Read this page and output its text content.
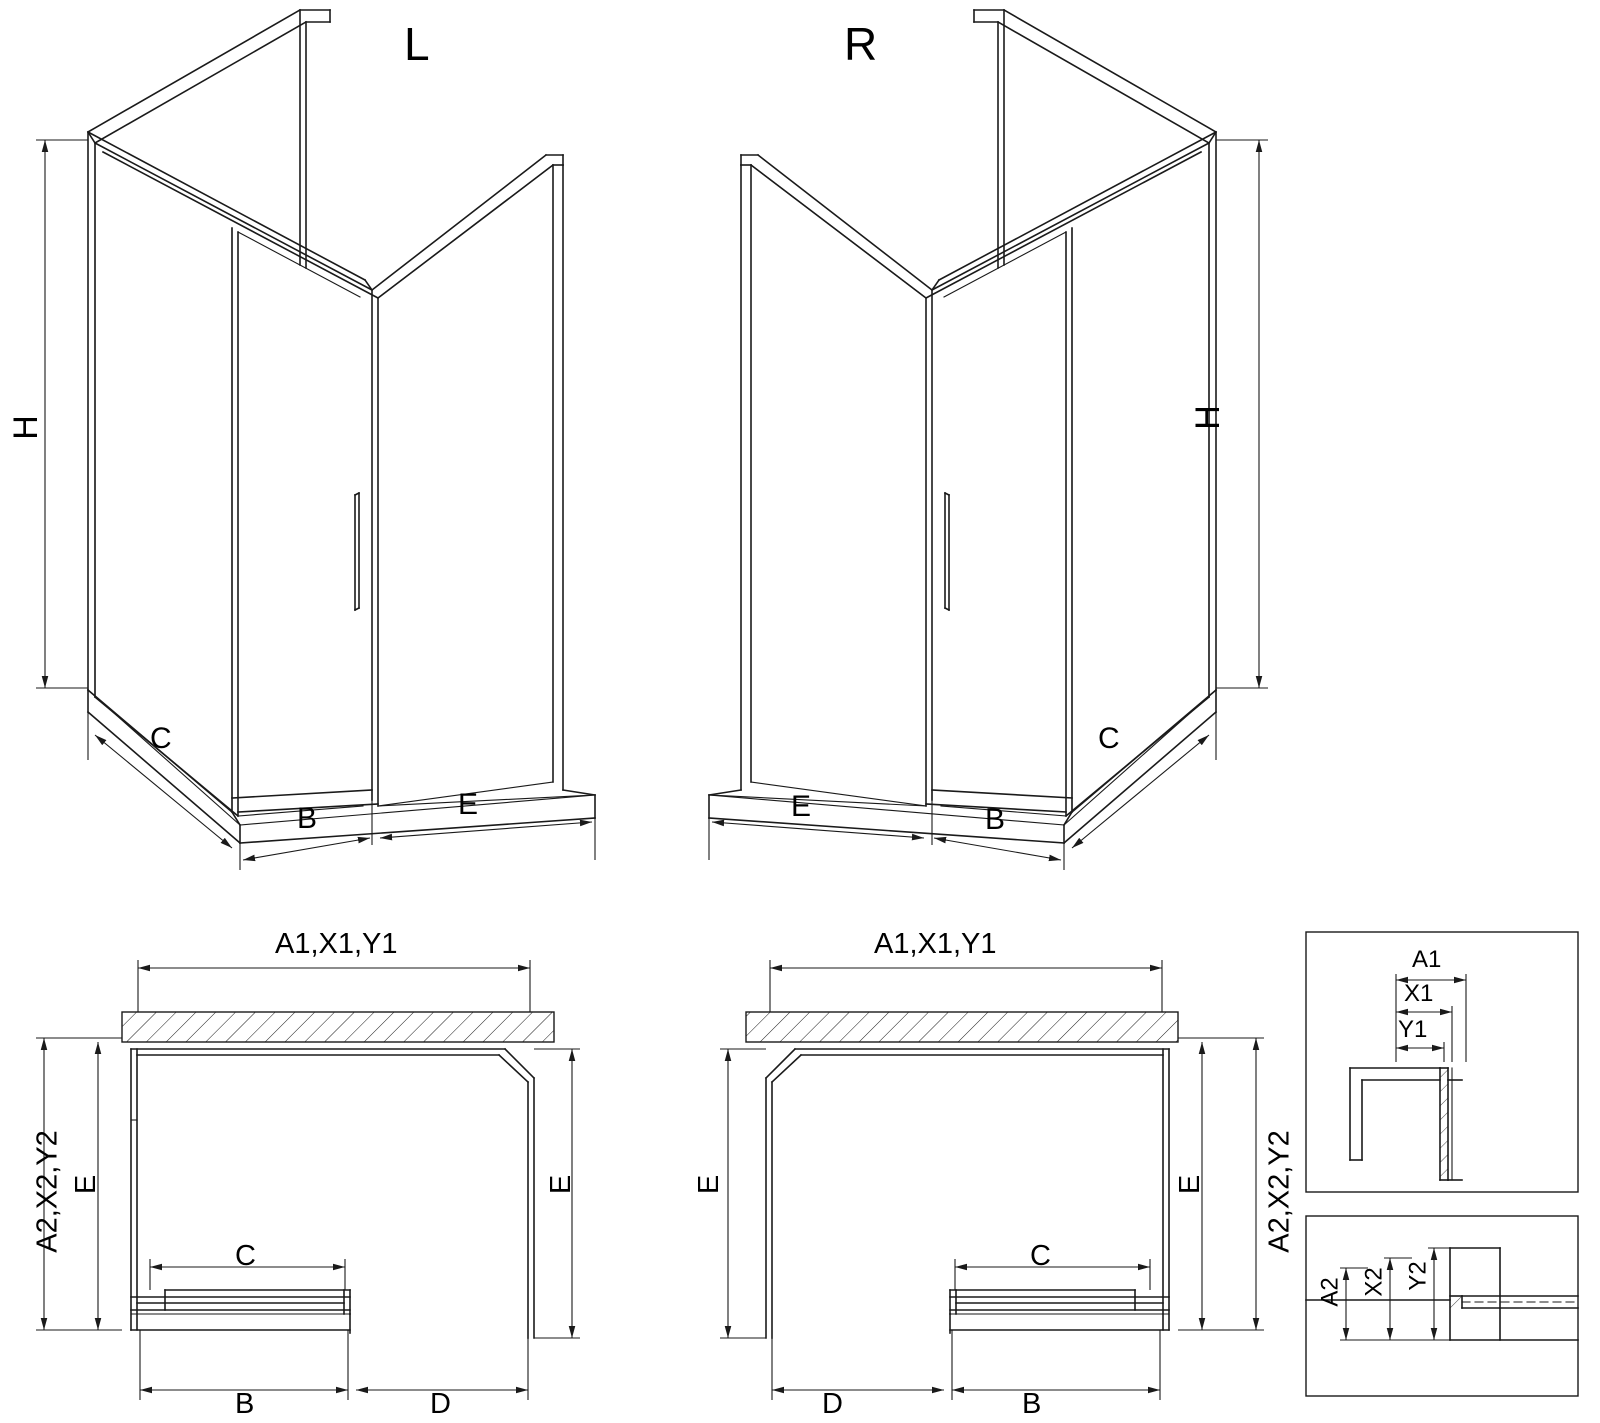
L	R
H	H
C
B	E	E	B
C
A1,X1,Y1	A1,X1,Y1
A2,X2,Y2 E	E
C
B	D
E	E A2,X2,Y2
C
D	B
A1
X1
Y1
A2 X2 Y2
